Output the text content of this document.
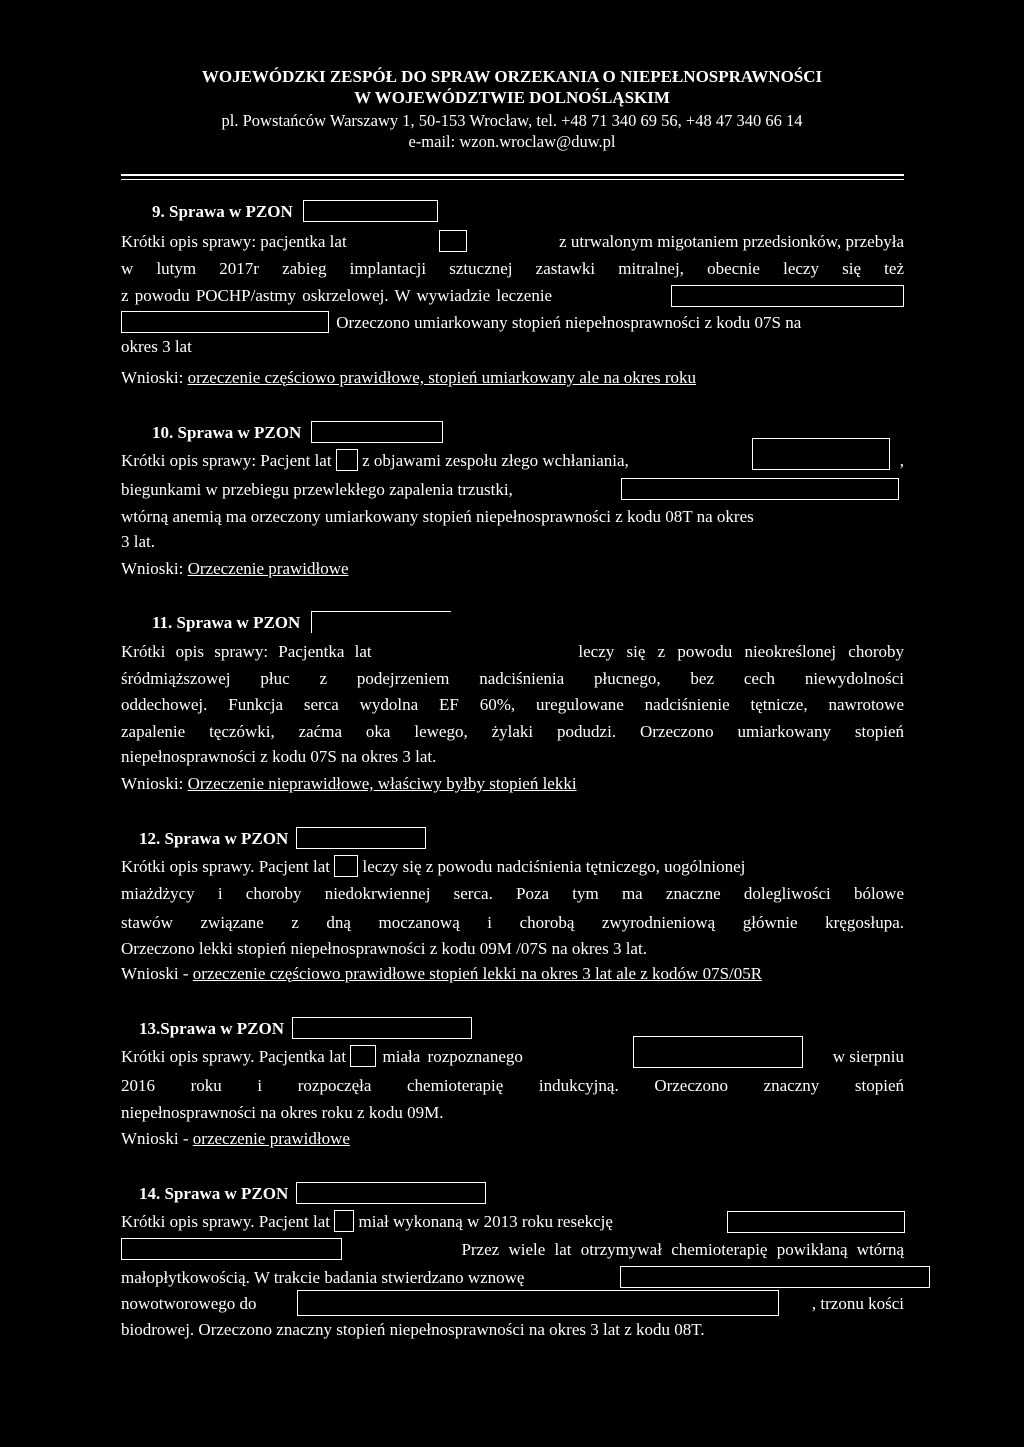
WOJEWÓDZKI ZESPÓŁ DO SPRAW ORZEKANIA O NIEPEŁNOSPRAWNOŚCI
W WOJEWÓDZTWIE DOLNOŚLĄSKIM
pl. Powstańców Warszawy 1, 50-153 Wrocław, tel. +48 71 340 69 56, +48 47 340 66 14
e-mail: wzon.wroclaw@duw.pl
9. Sprawa w PZON
Krótki opis sprawy: pacjentka lat	z utrwalonym migotaniem przedsionków, przebyła
w lutym 2017r zabieg implantacji sztucznej zastawki mitralnej, obecnie leczy się też
z powodu POCHP/astmy oskrzelowej. W wywiadzie leczenie
Orzeczono umiarkowany stopień niepełnosprawności z kodu 07S na
okres 3 lat
Wnioski: orzeczenie częściowo prawidłowe, stopień umiarkowany ale na okres roku
10. Sprawa w PZON
Krótki opis sprawy: Pacjent lat z objawami zespołu złego wchłaniania,	,
biegunkami w przebiegu przewlekłego zapalenia trzustki,
wtórną anemią ma orzeczony umiarkowany stopień niepełnosprawności z kodu 08T na okres
3 lat.
Wnioski: Orzeczenie prawidłowe
11. Sprawa w PZON
Krótki opis sprawy: Pacjentka lat	leczy się z powodu nieokreślonej choroby
śródmiąższowej płuc z podejrzeniem nadciśnienia płucnego, bez cech niewydolności
oddechowej. Funkcja serca wydolna EF 60%, uregulowane nadciśnienie tętnicze, nawrotowe
zapalenie tęczówki, zaćma oka lewego, żylaki podudzi. Orzeczono umiarkowany stopień
niepełnosprawności z kodu 07S na okres 3 lat.
Wnioski: Orzeczenie nieprawidłowe, właściwy byłby stopień lekki
12. Sprawa w PZON
Krótki opis sprawy. Pacjent lat leczy się z powodu nadciśnienia tętniczego, uogólnionej
miażdżycy i choroby niedokrwiennej serca. Poza tym ma znaczne dolegliwości bólowe
stawów związane z dną moczanową i chorobą zwyrodnieniową głównie kręgosłupa.
Orzeczono lekki stopień niepełnosprawności z kodu 09M /07S na okres 3 lat.
Wnioski - orzeczenie częściowo prawidłowe stopień lekki na okres 3 lat ale z kodów 07S/05R
13.Sprawa w PZON
Krótki opis sprawy. Pacjentka lat miała rozpoznanego	w sierpniu
2016 roku i rozpoczęła chemioterapię indukcyjną. Orzeczono znaczny stopień
niepełnosprawności na okres roku z kodu 09M.
Wnioski - orzeczenie prawidłowe
14. Sprawa w PZON
Krótki opis sprawy. Pacjent lat miał wykonaną w 2013 roku resekcję
Przez wiele lat otrzymywał chemioterapię powikłaną wtórną
małopłytkowością. W trakcie badania stwierdzano wznowę
nowotworowego do	, trzonu kości
biodrowej. Orzeczono znaczny stopień niepełnosprawności na okres 3 lat z kodu 08T.
